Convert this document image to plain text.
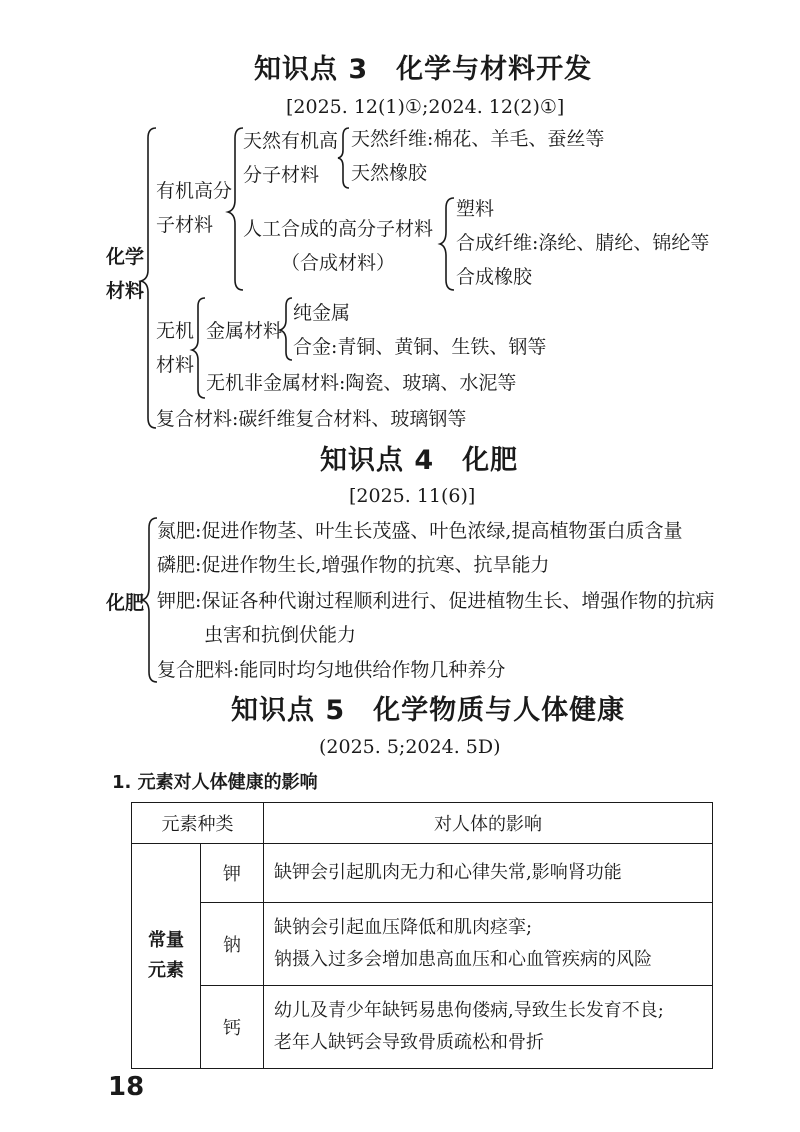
知识点 3　化学与材料开发
[2025. 12(1)①;2024. 12(2)①]
化学
材料
有机高分
子材料
天然有机高
分子材料
天然纤维:棉花、羊毛、蚕丝等
天然橡胶
人工合成的高分子材料
（合成材料）
塑料
合成纤维:涤纶、腈纶、锦纶等
合成橡胶
无机
材料
金属材料
纯金属
合金:青铜、黄铜、生铁、钢等
无机非金属材料:陶瓷、玻璃、水泥等
复合材料:碳纤维复合材料、玻璃钢等
知识点 4　化肥
[2025. 11(6)]
化肥
氮肥:促进作物茎、叶生长茂盛、叶色浓绿,提高植物蛋白质含量
磷肥:促进作物生长,增强作物的抗寒、抗旱能力
钾肥:保证各种代谢过程顺利进行、促进植物生长、增强作物的抗病
虫害和抗倒伏能力
复合肥料:能同时均匀地供给作物几种养分
知识点 5　化学物质与人体健康
(2025. 5;2024. 5D)
1. 元素对人体健康的影响
元素种类		对人体的影响
常量
元素	钾	缺钾会引起肌肉无力和心律失常,影响肾功能
	钠	缺钠会引起血压降低和肌肉痉挛;
钠摄入过多会增加患高血压和心血管疾病的风险

	钙	幼儿及青少年缺钙易患佝偻病,导致生长发育不良;
老年人缺钙会导致骨质疏松和骨折
18
